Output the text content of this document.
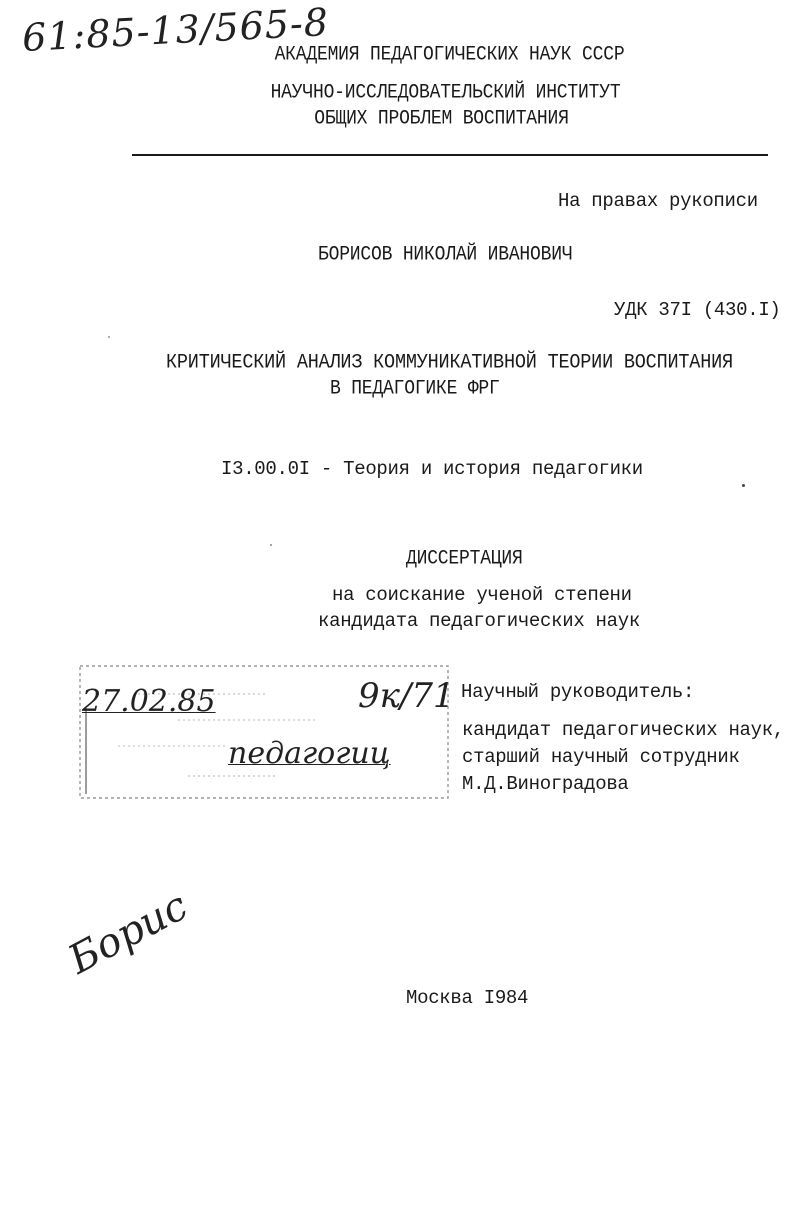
61:85-13/565-8
АКАДЕМИЯ ПЕДАГОГИЧЕСКИХ НАУК СССР
НАУЧНО-ИССЛЕДОВАТЕЛЬСКИЙ ИНСТИТУТ
ОБЩИХ ПРОБЛЕМ ВОСПИТАНИЯ
На правах рукописи
БОРИСОВ НИКОЛАЙ ИВАНОВИЧ
УДК 37I (430.I)
КРИТИЧЕСКИЙ АНАЛИЗ КОММУНИКАТИВНОЙ ТЕОРИИ ВОСПИТАНИЯ
В ПЕДАГОГИКЕ ФРГ
I3.00.0I - Теория и история педагогики
ДИССЕРТАЦИЯ
на соискание ученой степени
кандидата педагогических наук
27.02.85	9к/71
педагогиц
Научный руководитель:
кандидат педагогических наук,
старший научный сотрудник
М.Д.Виноградова
Борис
Москва I984
